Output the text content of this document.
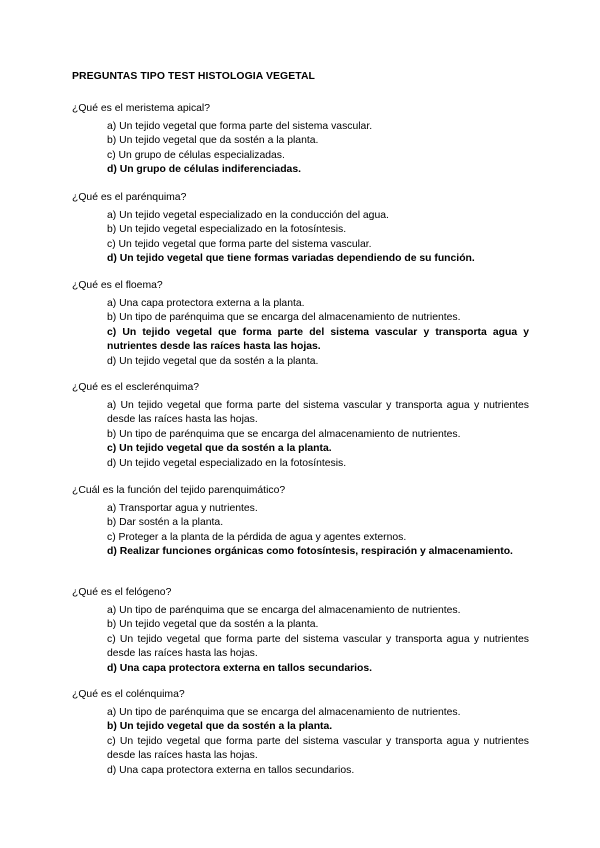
PREGUNTAS TIPO TEST HISTOLOGIA VEGETAL

¿Qué es el meristema apical?

a) Un tejido vegetal que forma parte del sistema vascular.

b) Un tejido vegetal que da sostén a la planta.

c) Un grupo de células especializadas.

d) Un grupo de células indiferenciadas.

¿Qué es el parénquima?

a) Un tejido vegetal especializado en la conducción del agua.

b) Un tejido vegetal especializado en la fotosíntesis.

c) Un tejido vegetal que forma parte del sistema vascular.

d) Un tejido vegetal que tiene formas variadas dependiendo de su función.

¿Qué es el floema?

a) Una capa protectora externa a la planta.

b) Un tipo de parénquima que se encarga del almacenamiento de nutrientes.

c) Un tejido vegetal que forma parte del sistema vascular y transporta agua y nutrientes desde las raíces hasta las hojas.

d) Un tejido vegetal que da sostén a la planta.

¿Qué es el esclerénquima?

a) Un tejido vegetal que forma parte del sistema vascular y transporta agua y nutrientes desde las raíces hasta las hojas.

b) Un tipo de parénquima que se encarga del almacenamiento de nutrientes.

c) Un tejido vegetal que da sostén a la planta.

d) Un tejido vegetal especializado en la fotosíntesis.

¿Cuál es la función del tejido parenquimático?

a) Transportar agua y nutrientes.

b) Dar sostén a la planta.

c) Proteger a la planta de la pérdida de agua y agentes externos.

d) Realizar funciones orgánicas como fotosíntesis, respiración y almacenamiento.

¿Qué es el felógeno?

a) Un tipo de parénquima que se encarga del almacenamiento de nutrientes.

b) Un tejido vegetal que da sostén a la planta.

c) Un tejido vegetal que forma parte del sistema vascular y transporta agua y nutrientes desde las raíces hasta las hojas.

d) Una capa protectora externa en tallos secundarios.

¿Qué es el colénquima?

a) Un tipo de parénquima que se encarga del almacenamiento de nutrientes.

b) Un tejido vegetal que da sostén a la planta.

c) Un tejido vegetal que forma parte del sistema vascular y transporta agua y nutrientes desde las raíces hasta las hojas.

d) Una capa protectora externa en tallos secundarios.
